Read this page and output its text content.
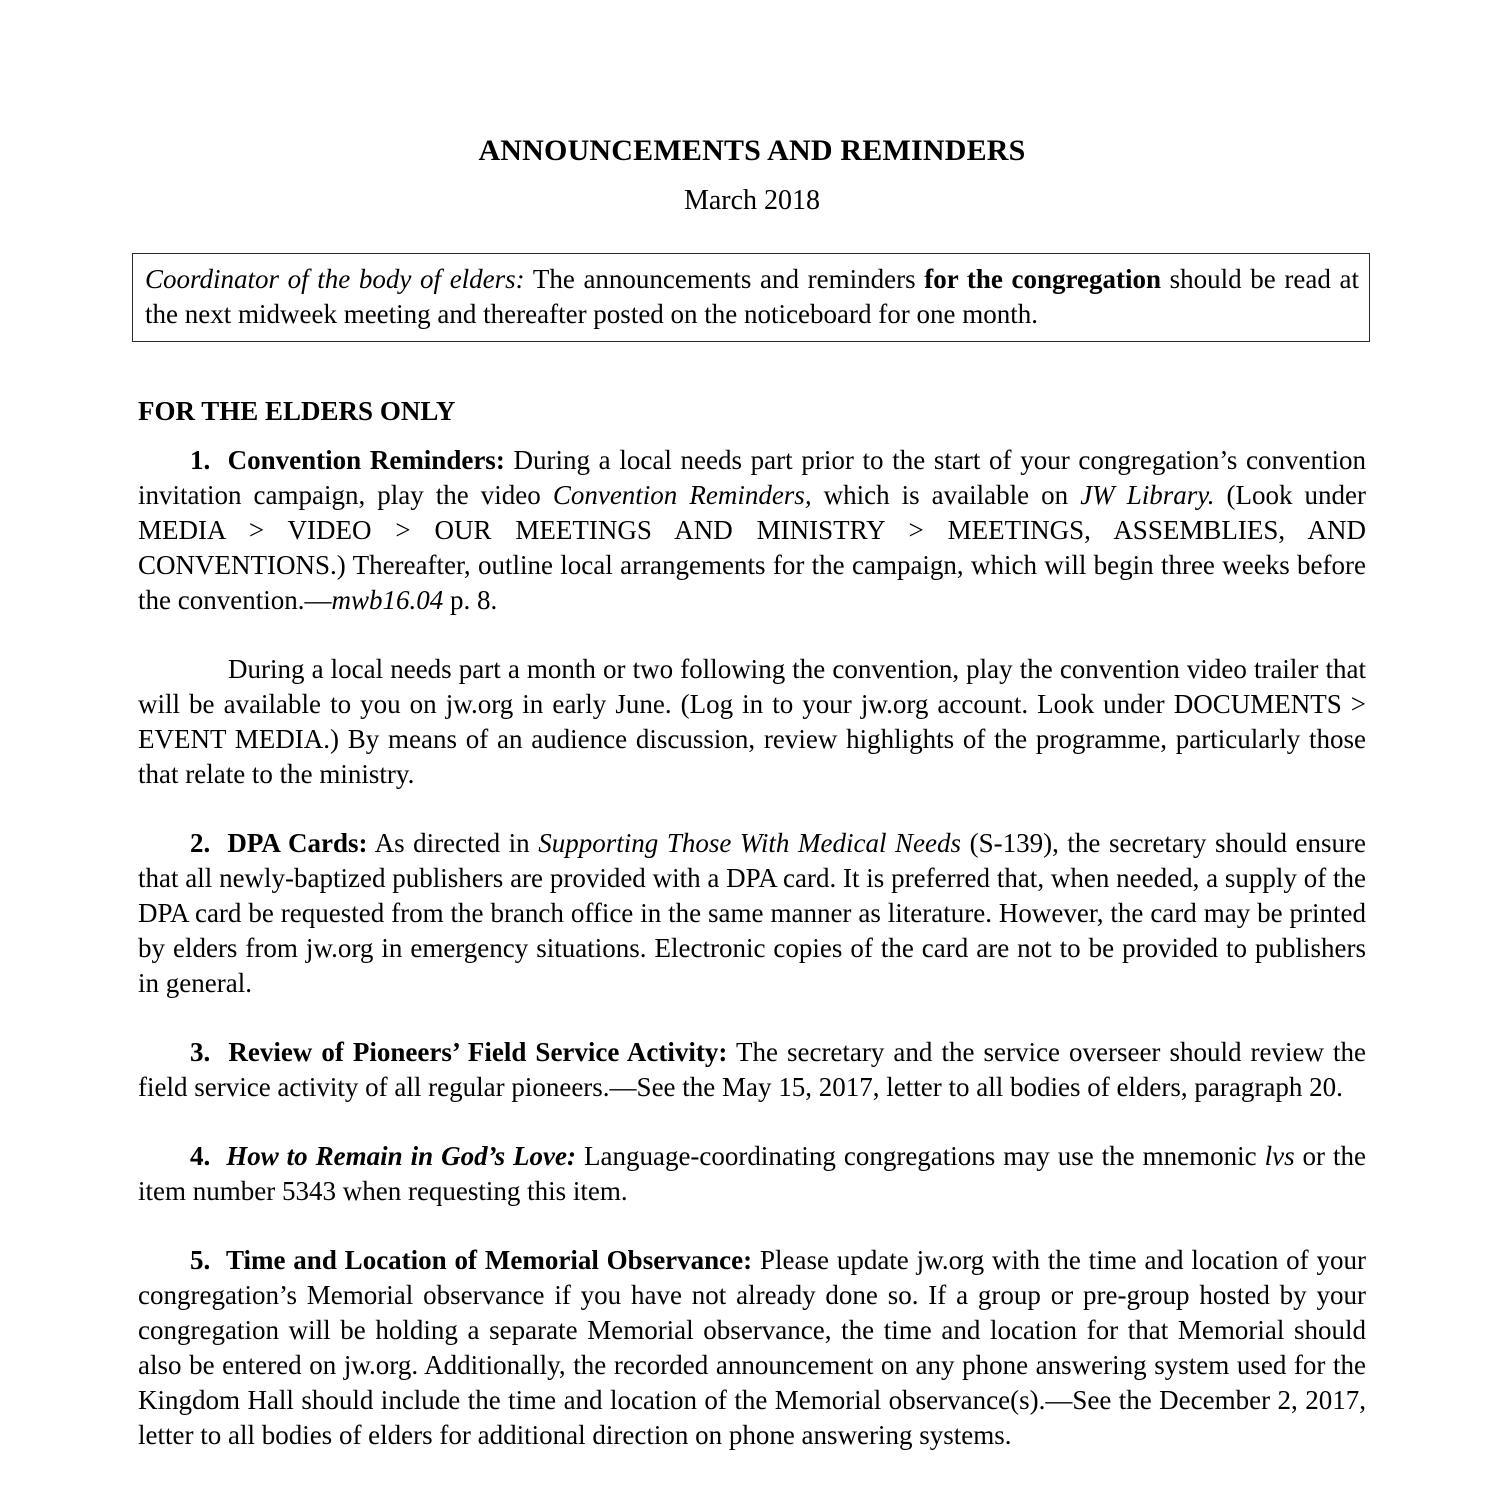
ANNOUNCEMENTS AND REMINDERS
March 2018

Coordinator of the body of elders: The announcements and reminders for the congregation should be read at the next midweek meeting and thereafter posted on the noticeboard for one month.

FOR THE ELDERS ONLY

1. Convention Reminders: During a local needs part prior to the start of your congregation’s convention invitation campaign, play the video Convention Reminders, which is available on JW Library. (Look under MEDIA > VIDEO > OUR MEETINGS AND MINISTRY > MEETINGS, ASSEMBLIES, AND CONVENTIONS.) Thereafter, outline local arrangements for the campaign, which will begin three weeks before the convention.—mwb16.04 p. 8.

During a local needs part a month or two following the convention, play the convention video trailer that will be available to you on jw.org in early June. (Log in to your jw.org account. Look under DOCUMENTS > EVENT MEDIA.) By means of an audience discussion, review highlights of the programme, particularly those that relate to the ministry.

2. DPA Cards: As directed in Supporting Those With Medical Needs (S-139), the secretary should ensure that all newly-baptized publishers are provided with a DPA card. It is preferred that, when needed, a supply of the DPA card be requested from the branch office in the same manner as literature. However, the card may be printed by elders from jw.org in emergency situations. Electronic copies of the card are not to be provided to publishers in general.

3. Review of Pioneers’ Field Service Activity: The secretary and the service overseer should review the field service activity of all regular pioneers.—See the May 15, 2017, letter to all bodies of elders, paragraph 20.

4. How to Remain in God’s Love: Language-coordinating congregations may use the mnemonic lvs or the item number 5343 when requesting this item.

5. Time and Location of Memorial Observance: Please update jw.org with the time and location of your congregation’s Memorial observance if you have not already done so. If a group or pre-group hosted by your congregation will be holding a separate Memorial observance, the time and location for that Memorial should also be entered on jw.org. Additionally, the recorded announcement on any phone answering system used for the Kingdom Hall should include the time and location of the Memorial observance(s).—See the December 2, 2017, letter to all bodies of elders for additional direction on phone answering systems.
